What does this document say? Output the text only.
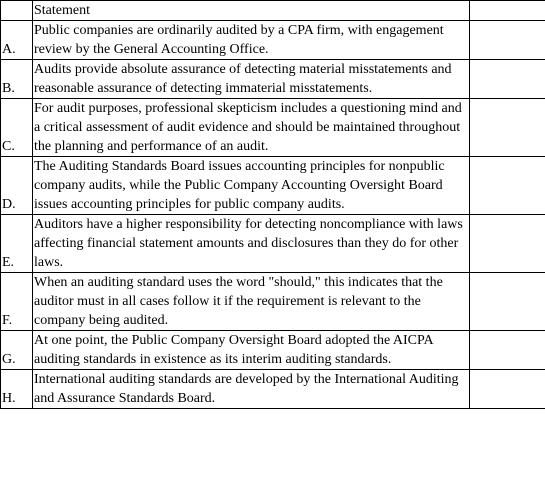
	Statement	
A.	Public companies are ordinarily audited by a CPA firm, with engagement review by the General Accounting Office.	
B.	Audits provide absolute assurance of detecting material misstatements and reasonable assurance of detecting immaterial misstatements.	
C.	For audit purposes, professional skepticism includes a questioning mind and a critical assessment of audit evidence and should be maintained throughout the planning and performance of an audit.	
D.	The Auditing Standards Board issues accounting principles for nonpublic company audits, while the Public Company Accounting Oversight Board issues accounting principles for public company audits.	
E.	Auditors have a higher responsibility for detecting noncompliance with laws affecting financial statement amounts and disclosures than they do for other laws.	
F.	When an auditing standard uses the word "should," this indicates that the auditor must in all cases follow it if the requirement is relevant to the company being audited.	
G.	At one point, the Public Company Oversight Board adopted the AICPA auditing standards in existence as its interim auditing standards.	
H.	International auditing standards are developed by the International Auditing and Assurance Standards Board.	
